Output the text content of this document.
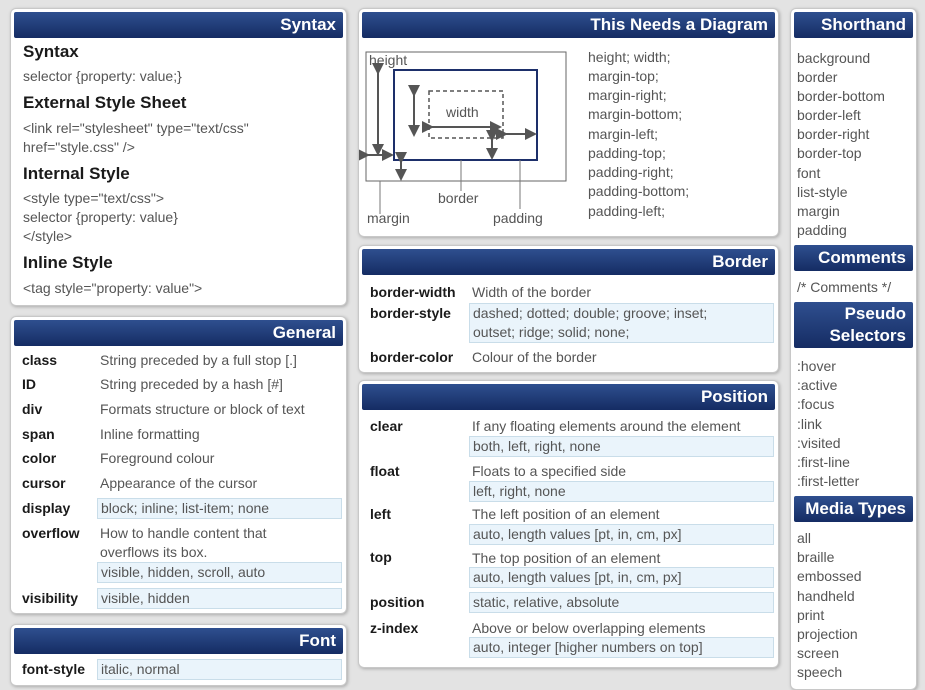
Syntax
Syntax
selector {property: value;}
External Style Sheet
<link rel="stylesheet" type="text/css"
href="style.css" />
Internal Style
<style type="text/css">
selector {property: value}
</style>
Inline Style
<tag style="property: value">
General
class	String preceded by a full stop [.]
ID	String preceded by a hash [#]
div	Formats structure or block of text
span	Inline formatting
color	Foreground colour
cursor Appearance of the cursor
display block; inline; list-item; none
overflow How to handle content that
overflows its box.
visible, hidden, scroll, auto
visibility visible, hidden
Font
font-style italic, normal
This Needs a Diagram
height
width
border
margin	padding
height; width;
margin-top;
margin-right;
margin-bottom;
margin-left;
padding-top;
padding-right;
padding-bottom;
padding-left;
Border
border-width Width of the border
border-style dashed; dotted; double; groove; inset;
outset; ridge; solid; none;
border-color Colour of the border
Position
clear	If any floating elements around the element
both, left, right, none
float	Floats to a specified side
left, right, none
left	The left position of an element
auto, length values [pt, in, cm, px]
top	The top position of an element
auto, length values [pt, in, cm, px]
position	static, relative, absolute
z-index	Above or below overlapping elements
auto, integer [higher numbers on top]
Shorthand
background
border
border-bottom
border-left
border-right
border-top
font
list-style
margin
padding
Comments
/* Comments */
Pseudo
Selectors
:hover
:active
:focus
:link
:visited
:first-line
:first-letter
Media Types
all
braille
embossed
handheld
print
projection
screen
speech
